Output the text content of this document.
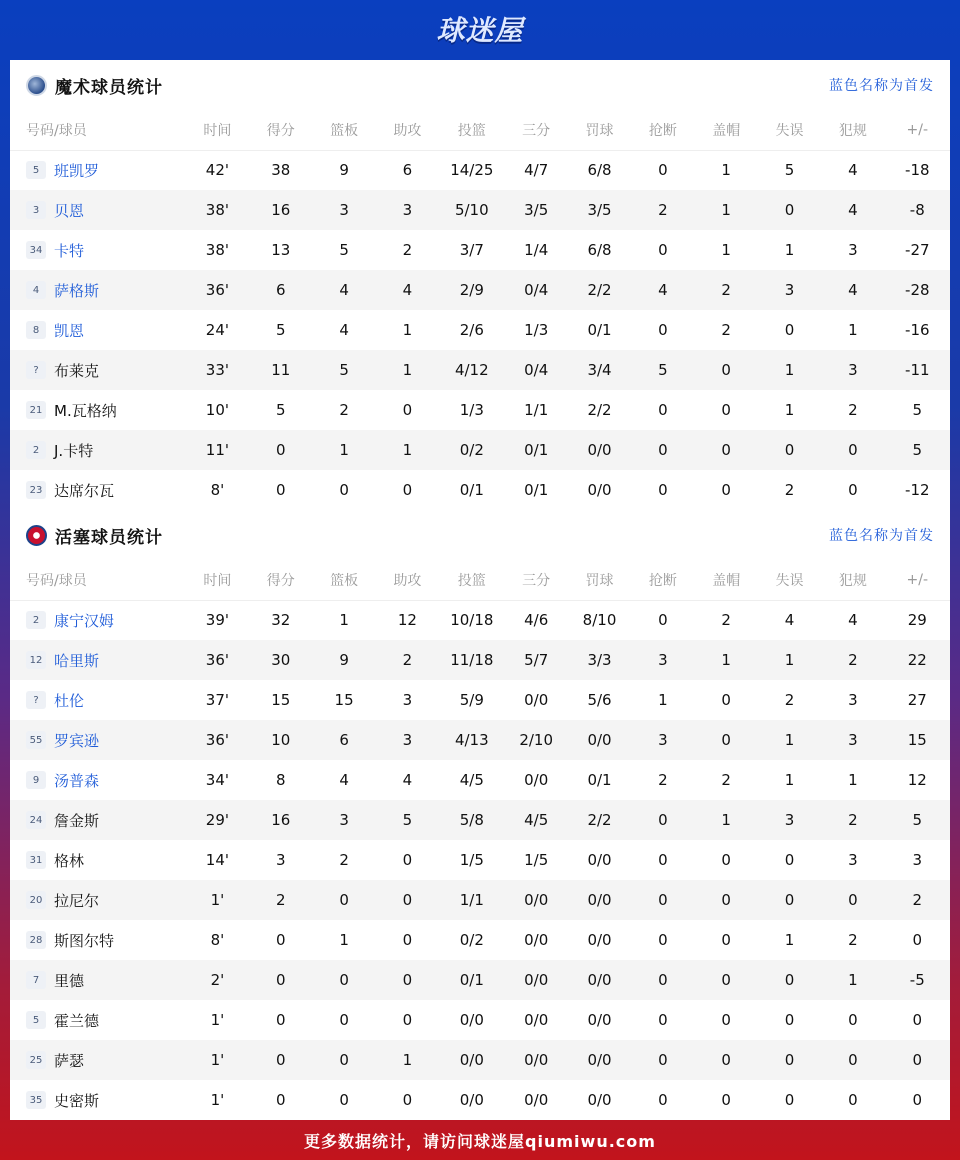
球迷屋
魔术球员统计	蓝色名称为首发
号码/球员	时间	得分	篮板	助攻	投篮	三分	罚球	抢断	盖帽	失误	犯规	+/-

5 班凯罗	42'	38	9	6	14/25	4/7	6/8	0	1	5	4	-18

3 贝恩	38'	16	3	3	5/10	3/5	3/5	2	1	0	4	-8

34 卡特	38'	13	5	2	3/7	1/4	6/8	0	1	1	3	-27

4 萨格斯	36'	6	4	4	2/9	0/4	2/2	4	2	3	4	-28

8 凯恩	24'	5	4	1	2/6	1/3	0/1	0	2	0	1	-16

? 布莱克	33'	11	5	1	4/12	0/4	3/4	5	0	1	3	-11

21 M.瓦格纳	10'	5	2	0	1/3	1/1	2/2	0	0	1	2	5

2 J.卡特	11'	0	1	1	0/2	0/1	0/0	0	0	0	0	5

23 达席尔瓦	8'	0	0	0	0/1	0/1	0/0	0	0	2	0	-12
活塞球员统计	蓝色名称为首发
号码/球员	时间	得分	篮板	助攻	投篮	三分	罚球	抢断	盖帽	失误	犯规	+/-

2 康宁汉姆	39'	32	1	12	10/18	4/6	8/10	0	2	4	4	29

12 哈里斯	36'	30	9	2	11/18	5/7	3/3	3	1	1	2	22

? 杜伦	37'	15	15	3	5/9	0/0	5/6	1	0	2	3	27

55 罗宾逊	36'	10	6	3	4/13	2/10	0/0	3	0	1	3	15

9 汤普森	34'	8	4	4	4/5	0/0	0/1	2	2	1	1	12

24 詹金斯	29'	16	3	5	5/8	4/5	2/2	0	1	3	2	5

31 格林	14'	3	2	0	1/5	1/5	0/0	0	0	0	3	3

20 拉尼尔	1'	2	0	0	1/1	0/0	0/0	0	0	0	0	2

28 斯图尔特	8'	0	1	0	0/2	0/0	0/0	0	0	1	2	0

7 里德	2'	0	0	0	0/1	0/0	0/0	0	0	0	1	-5

5 霍兰德	1'	0	0	0	0/0	0/0	0/0	0	0	0	0	0

25 萨瑟	1'	0	0	1	0/0	0/0	0/0	0	0	0	0	0

35 史密斯	1'	0	0	0	0/0	0/0	0/0	0	0	0	0	0
更多数据统计，请访问球迷屋qiumiwu.com
